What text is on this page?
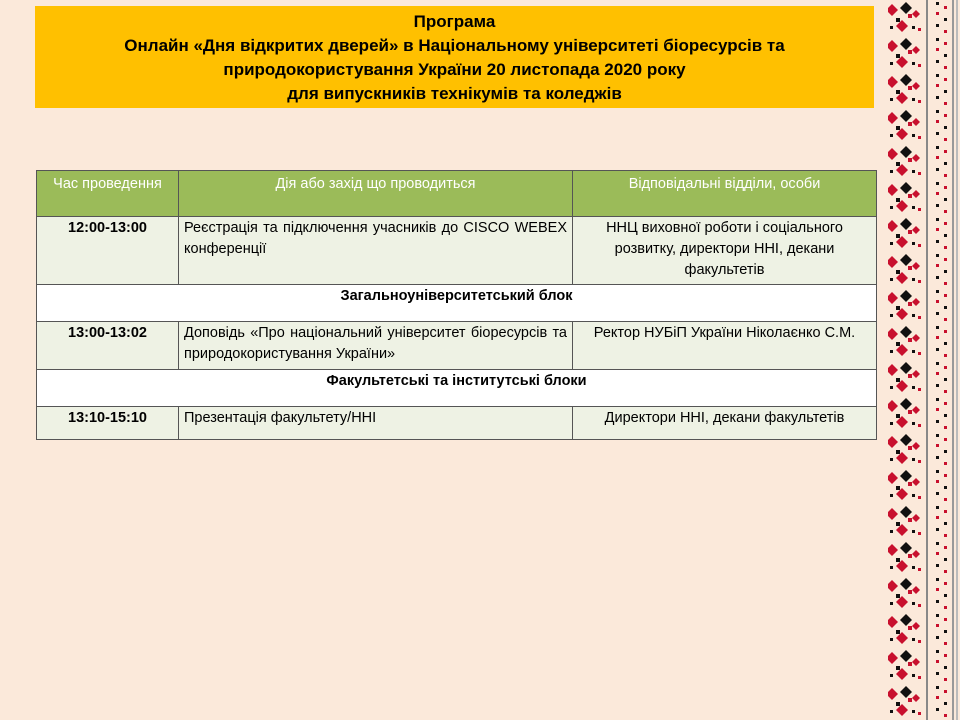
Програма
Онлайн «Дня відкритих дверей» в Національному університеті біоресурсів та
природокористування України 20 листопада 2020 року
для випускників технікумів та коледжів
Час проведення	Дія або захід що проводиться	Відповідальні відділи, особи
12:00-13:00	Реєстрація та підключення учасників до CISCO WEBEX конференції	ННЦ виховної роботи і соціального розвитку, директори ННІ, декани факультетів
Загальноуніверситетський блок		
13:00-13:02	Доповідь «Про національний університет біоресурсів та природокористування України»	Ректор НУБіП України Ніколаєнко С.М.
Факультетські та інститутські блоки		
13:10-15:10	Презентація факультету/ННІ	Директори ННІ, декани факультетів
